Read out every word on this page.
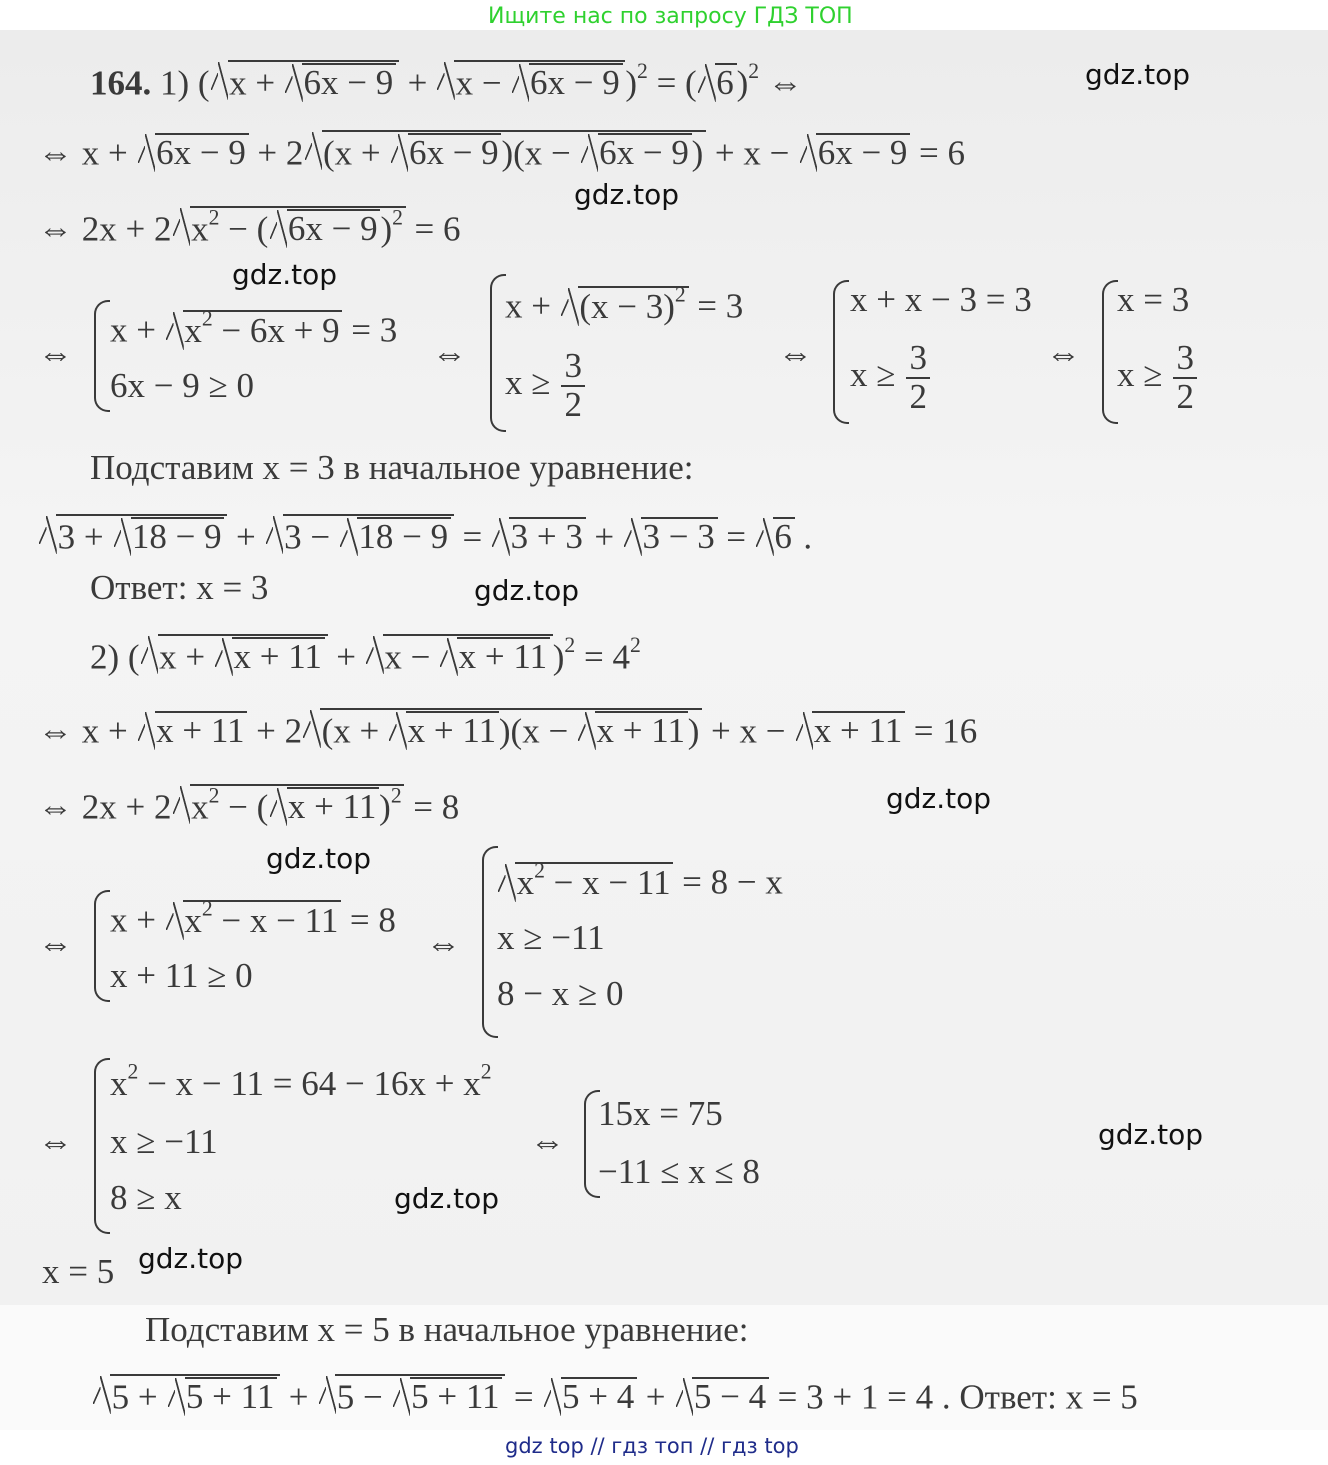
Ищите нас по запросу ГДЗ ТОП
164. 1) ( x + 6x − 9 + x − 6x − 9 )$^2$ = ( 6)$^2$ ⇔
⇔ x + 6x − 9 + 2 (x + 6x − 9)(x − 6x − 9) + x − 6x − 9 = 6
⇔ 2x + 2 $x^2$ − ( 6x − 9)$^2$ = 6
⇔
$x + x^2 - 6x + 9 = 3$
6x − 9 ≥ 0
⇔
$x + (x - 3)^2 = 3$
$x \ge \frac{3}{2}$	⇔
x + x − 3 = 3
$x \ge \frac{3}{2}$	⇔
x = 3
$x \ge \frac{3}{2}$
Подставим x = 3 в начальное уравнение:
3 + 18 − 9 + 3 − 18 − 9 = 3 + 3 + 3 − 3 = 6 .
Ответ: x = 3
2) ( x + x + 11 + x − x + 11 )$^2 = 4^2$
⇔ x + x + 11 + 2 (x + x + 11)(x − x + 11) + x − x + 11 = 16
⇔ 2x + 2 $x^2$ − ( x + 11)$^2$ = 8
⇔
$x + x^2 - x - 11 = 8$
x + 11 ≥ 0
⇔
$x^2 - x - 11 = 8 - x$
x ≥ −11
8 − x ≥ 0
⇔
$x^2 - x - 11 = 64 - 16x + x^2$
x ≥ −11
8 ≥ x
⇔
15x = 75
−11 ≤ x ≤ 8
x = 5
Подставим x = 5 в начальное уравнение:
5 + 5 + 11 + 5 − 5 + 11 = 5 + 4 + 5 − 4 = 3 + 1 = 4 . Ответ: x = 5
gdz.top
gdz.top
gdz.top
gdz.top
gdz.top
gdz.top
gdz.top
gdz.top
gdz.top
gdz top // гдз топ // гдз top
